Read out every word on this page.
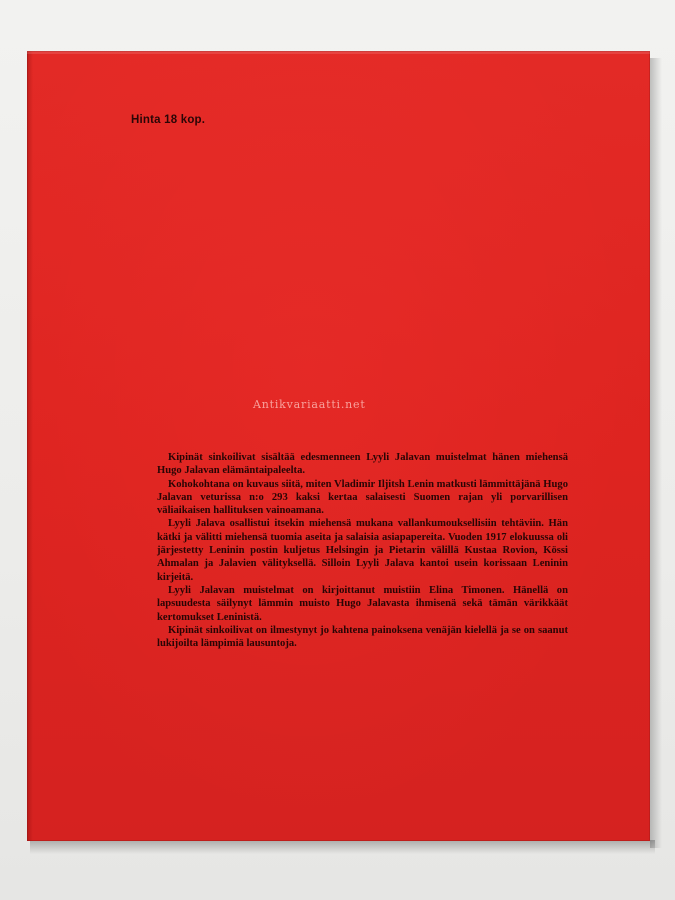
Hinta 18 kop.
Antikvariaatti.net

Kipinät sinkoilivat sisältää edesmenneen Lyyli Jalavan muistelmat hänen miehensä Hugo Jalavan elämäntaipaleelta.

Kohokohtana on kuvaus siitä, miten Vladimir Iljitsh Lenin matkusti lämmittäjänä Hugo Jalavan veturissa n:o 293 kaksi kertaa salaisesti Suomen rajan yli porvarillisen väliaikaisen hallituksen vainoamana.

Lyyli Jalava osallistui itsekin miehensä mukana vallankumouksellisiin tehtäviin. Hän kätki ja välitti miehensä tuomia aseita ja salaisia asiapapereita. Vuoden 1917 elokuussa oli järjestetty Leninin postin kuljetus Helsingin ja Pietarin välillä Kustaa Rovion, Kössi Ahmalan ja Jalavien välityksellä. Silloin Lyyli Jalava kantoi usein korissaan Leninin kirjeitä.

Lyyli Jalavan muistelmat on kirjoittanut muistiin Elina Timonen. Hänellä on lapsuudesta säilynyt lämmin muisto Hugo Jalavasta ihmisenä sekä tämän värikkäät kertomukset Leninistä.

Kipinät sinkoilivat on ilmestynyt jo kahtena painoksena venäjän kielellä ja se on saanut lukijoilta lämpimiä lausuntoja.
